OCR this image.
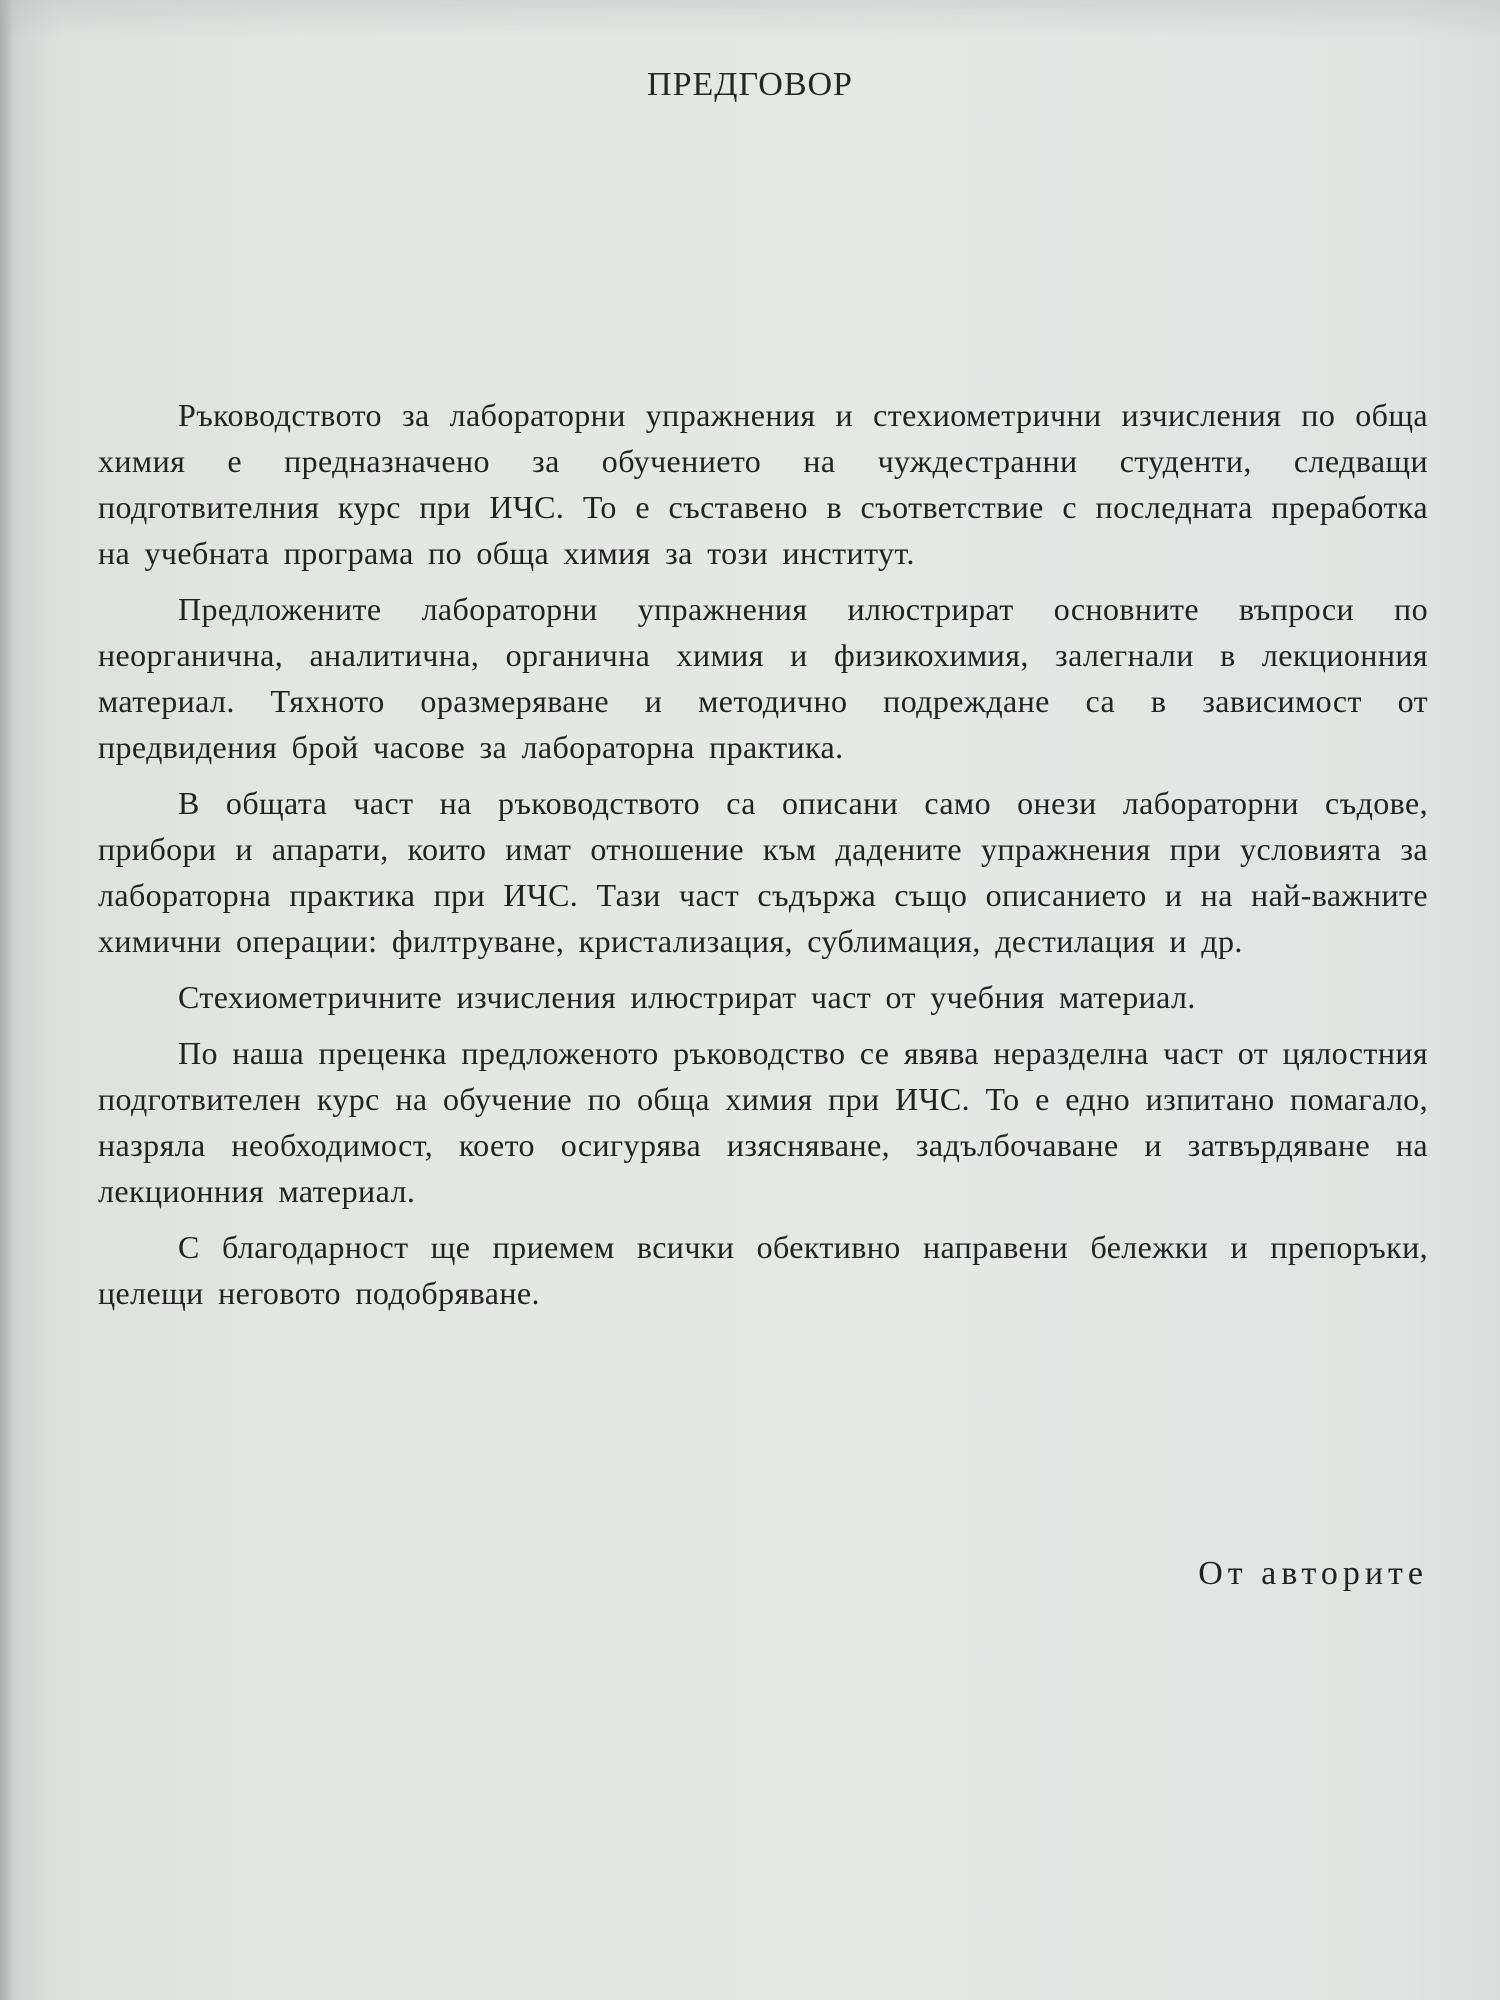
ПРЕДГОВОР

Ръководството за лабораторни упражнения и стехиометрични изчисления по обща химия е предназначено за обучението на чуждестранни студенти, следващи подготвителния курс при ИЧС. То е съставено в съответствие с последната преработка на учебната програма по обща химия за този институт.

Предложените лабораторни упражнения илюстрират основните въпроси по неорганична, аналитична, органична химия и физикохимия, залегнали в лекционния материал. Тяхното оразмеряване и методично подреждане са в зависимост от предвидения брой часове за лабораторна практика.

В общата част на ръководството са описани само онези лабораторни съдове, прибори и апарати, които имат отношение към дадените упражнения при условията за лабораторна практика при ИЧС. Тази част съдържа също описанието и на най-важните химични операции: филтруване, кристализация, сублимация, дестилация и др.

Стехиометричните изчисления илюстрират част от учебния материал.

По наша преценка предложеното ръководство се явява неразделна част от цялостния подготвителен курс на обучение по обща химия при ИЧС. То е едно изпитано помагало, назряла необходимост, което осигурява изясняване, задълбочаване и затвърдяване на лекционния материал.

С благодарност ще приемем всички обективно направени бележки и препоръки, целещи неговото подобряване.

От авторите
